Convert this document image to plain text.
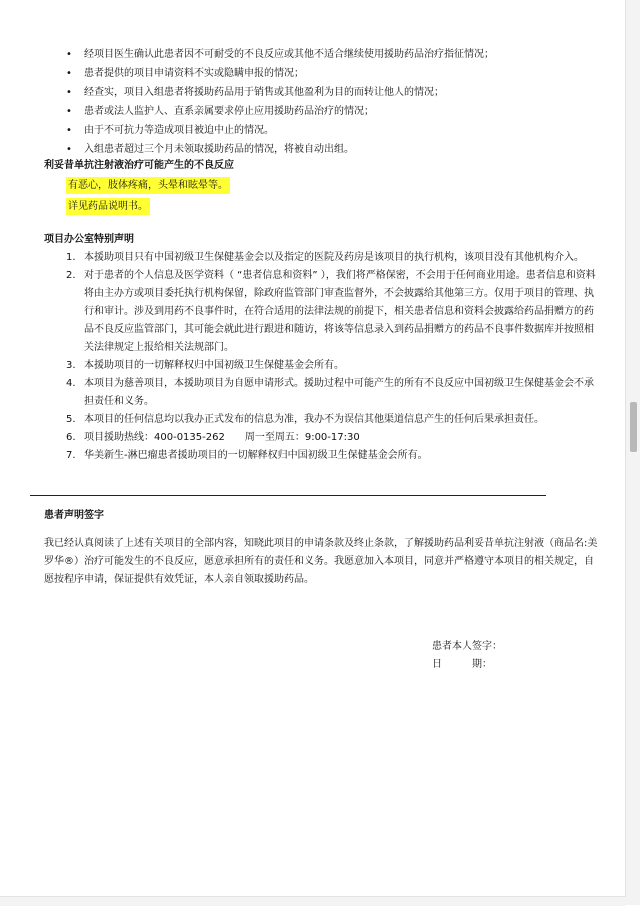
• 经项目医生确认此患者因不可耐受的不良反应或其他不适合继续使用援助药品治疗指征情况；
• 患者提供的项目申请资料不实或隐瞒申报的情况；
• 经查实，项目入组患者将援助药品用于销售或其他盈利为目的而转让他人的情况；
• 患者或法人监护人、直系亲属要求停止应用援助药品治疗的情况；
• 由于不可抗力等造成项目被迫中止的情况。
• 入组患者超过三个月未领取援助药品的情况，将被自动出组。
利妥昔单抗注射液治疗可能产生的不良反应
有恶心，肢体疼痛，头晕和眩晕等。
详见药品说明书。
项目办公室特别声明
1. 本援助项目只有中国初级卫生保健基金会以及指定的医院及药房是该项目的执行机构，该项目没有其他机构介入。
2. 对于患者的个人信息及医学资料（ “患者信息和资料” ），我们将严格保密，不会用于任何商业用途。患者信息和资料将由主办方或项目委托执行机构保留，除政府监管部门审查监督外，不会披露给其他第三方。仅用于项目的管理、执行和审计。涉及到用药不良事件时，在符合适用的法律法规的前提下，相关患者信息和资料会披露给药品捐赠方的药品不良反应监管部门，其可能会就此进行跟进和随访，将该等信息录入到药品捐赠方的药品不良事件数据库并按照相关法律规定上报给相关法规部门。
3. 本援助项目的一切解释权归中国初级卫生保健基金会所有。
4. 本项目为慈善项目，本援助项目为自愿申请形式。援助过程中可能产生的所有不良反应中国初级卫生保健基金会不承担责任和义务。
5. 本项目的任何信息均以我办正式发布的信息为准，我办不为误信其他渠道信息产生的任何后果承担责任。
6. 项目援助热线：400-0135-262　　周一至周五：9:00-17:30
7. 华美新生-淋巴瘤患者援助项目的一切解释权归中国初级卫生保健基金会所有。
患者声明签字
我已经认真阅读了上述有关项目的全部内容，知晓此项目的申请条款及终止条款，了解援助药品利妥昔单抗注射液（商品名:美罗华®）治疗可能发生的不良反应，愿意承担所有的责任和义务。我愿意加入本项目，同意并严格遵守本项目的相关规定，自愿按程序申请，保证提供有效凭证，本人亲自领取援助药品。
患者本人签字：
日　　　期：
